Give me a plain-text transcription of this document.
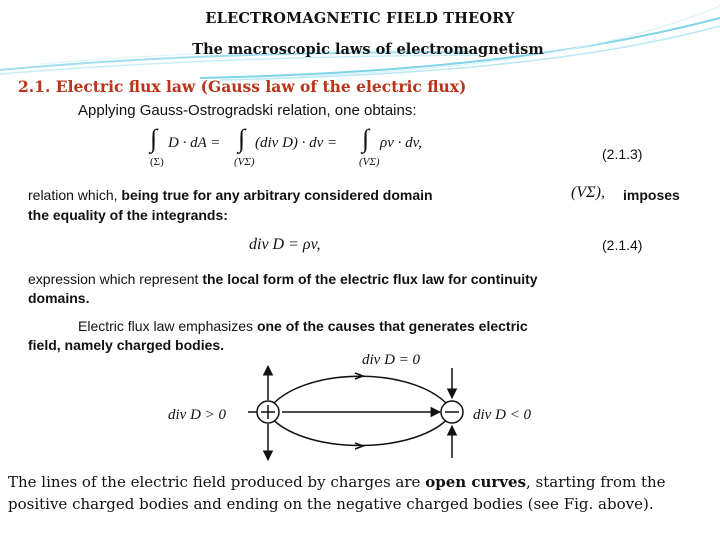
ELECTROMAGNETIC FIELD THEORY
The macroscopic laws of electromagnetism
2.1. Electric flux law (Gauss law of the electric flux)
Applying Gauss-Ostrogradski relation, one obtains:
∫ D · dA =
(Σ)
∫ (div D) · dv =
(VΣ)
∫ ρv · dv,
(VΣ)	(2.1.3)
relation which, being true for any arbitrary considered domain	(VΣ), imposes
the equality of the integrands:
div D = ρv,	(2.1.4)
expression which represent the local form of the electric flux law for continuity
domains.
Electric flux law emphasizes one of the causes that generates electric
field, namely charged bodies.
div D = 0
div D > 0	div D < 0
The lines of the electric field produced by charges are open curves, starting from the positive charged bodies and ending on the negative charged bodies (see Fig. above).
